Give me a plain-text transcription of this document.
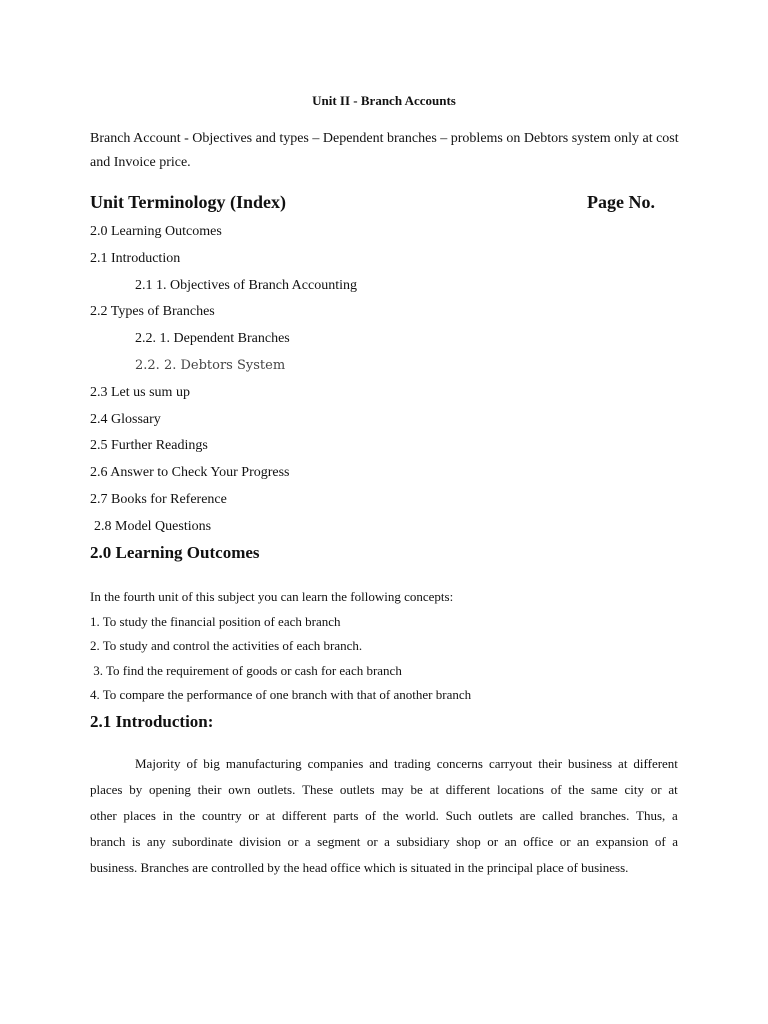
Unit II - Branch Accounts
Branch Account - Objectives and types – Dependent branches – problems on Debtors system only at cost
and Invoice price.
Unit Terminology (Index)	Page No.
2.0 Learning Outcomes
2.1 Introduction
2.1 1. Objectives of Branch Accounting
2.2 Types of Branches
2.2. 1. Dependent Branches
2.2. 2. Debtors System
2.3 Let us sum up
2.4 Glossary
2.5 Further Readings
2.6 Answer to Check Your Progress
2.7 Books for Reference
2.8 Model Questions
2.0 Learning Outcomes
In the fourth unit of this subject you can learn the following concepts:
1. To study the financial position of each branch
2. To study and control the activities of each branch.
3. To find the requirement of goods or cash for each branch
4. To compare the performance of one branch with that of another branch
2.1 Introduction:
Majority of big manufacturing companies and trading concerns carryout their business at different
places by opening their own outlets. These outlets may be at different locations of the same city or at
other places in the country or at different parts of the world. Such outlets are called branches. Thus, a
branch is any subordinate division or a segment or a subsidiary shop or an office or an expansion of a
business. Branches are controlled by the head office which is situated in the principal place of business.
